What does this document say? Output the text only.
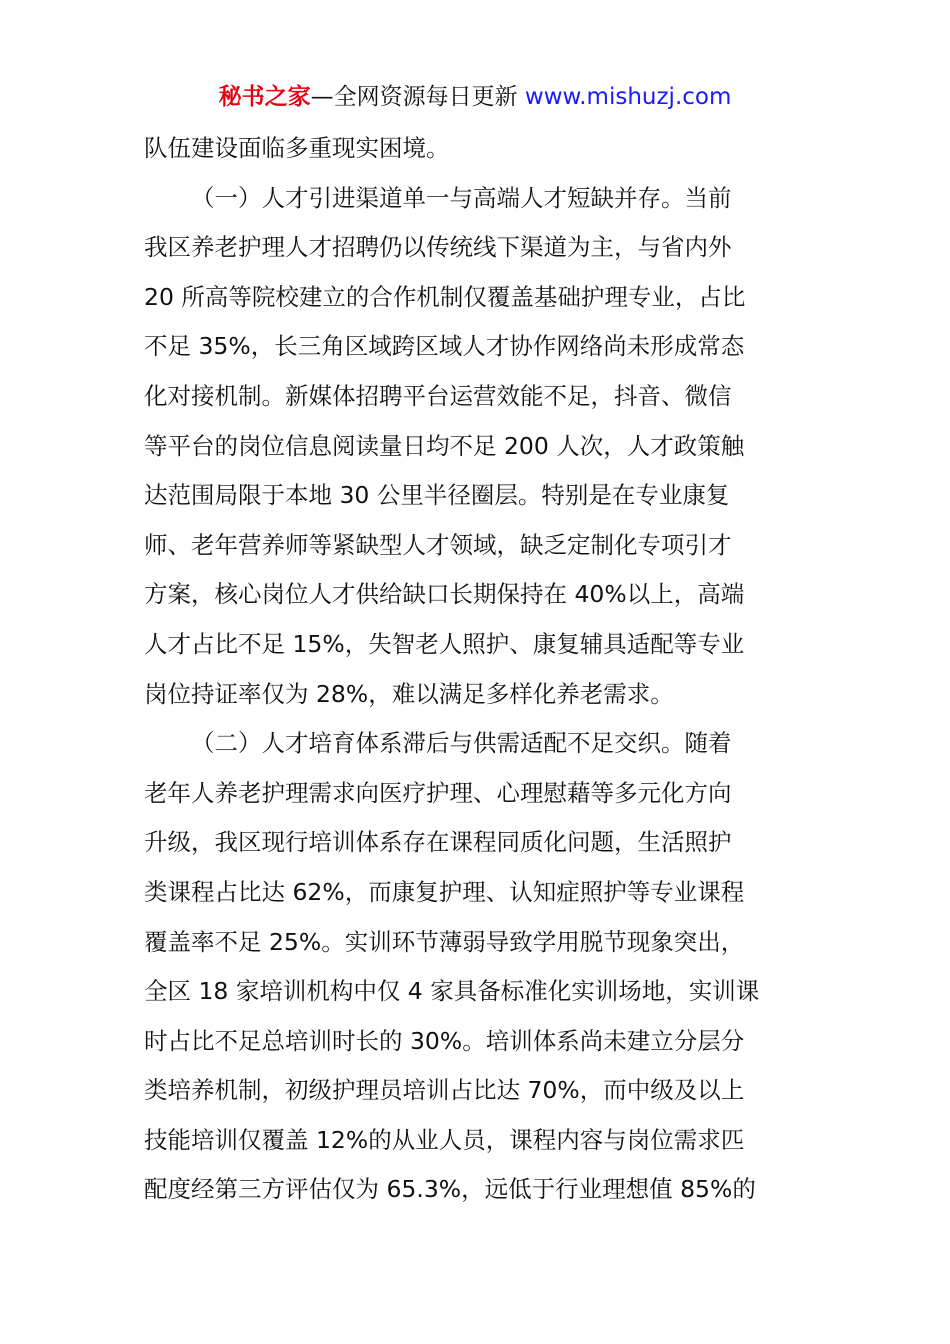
秘书之家—全网资源每日更新 www.mishuzj.com
队伍建设面临多重现实困境。
（一）人才引进渠道单一与高端人才短缺并存。当前
我区养老护理人才招聘仍以传统线下渠道为主，与省内外
20 所高等院校建立的合作机制仅覆盖基础护理专业，占比
不足 35%，长三角区域跨区域人才协作网络尚未形成常态
化对接机制。新媒体招聘平台运营效能不足，抖音、微信
等平台的岗位信息阅读量日均不足 200 人次，人才政策触
达范围局限于本地 30 公里半径圈层。特别是在专业康复
师、老年营养师等紧缺型人才领域，缺乏定制化专项引才
方案，核心岗位人才供给缺口长期保持在 40%以上，高端
人才占比不足 15%，失智老人照护、康复辅具适配等专业
岗位持证率仅为 28%，难以满足多样化养老需求。
（二）人才培育体系滞后与供需适配不足交织。随着
老年人养老护理需求向医疗护理、心理慰藉等多元化方向
升级，我区现行培训体系存在课程同质化问题，生活照护
类课程占比达 62%，而康复护理、认知症照护等专业课程
覆盖率不足 25%。实训环节薄弱导致学用脱节现象突出，
全区 18 家培训机构中仅 4 家具备标准化实训场地，实训课
时占比不足总培训时长的 30%。培训体系尚未建立分层分
类培养机制，初级护理员培训占比达 70%，而中级及以上
技能培训仅覆盖 12%的从业人员，课程内容与岗位需求匹
配度经第三方评估仅为 65.3%，远低于行业理想值 85%的
